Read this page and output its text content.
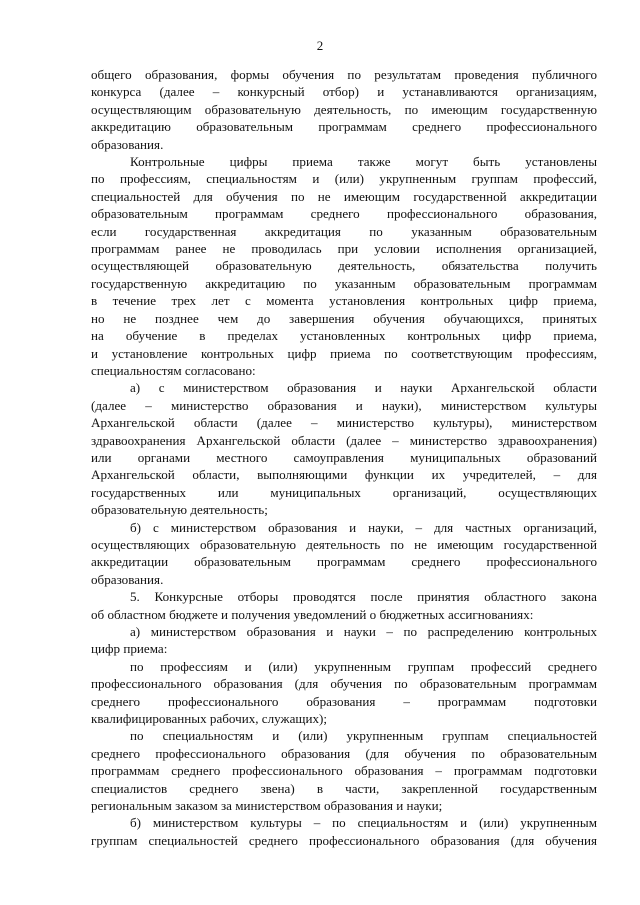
2

общего образования, формы обучения по результатам проведения публичного

конкурса (далее – конкурсный отбор) и устанавливаются организациям,

осуществляющим образовательную деятельность, по имеющим государственную

аккредитацию образовательным программам среднего профессионального

образования.

Контрольные цифры приема также могут быть установлены

по профессиям, специальностям и (или) укрупненным группам профессий,

специальностей для обучения по не имеющим государственной аккредитации

образовательным программам среднего профессионального образования,

если государственная аккредитация по указанным образовательным

программам ранее не проводилась при условии исполнения организацией,

осуществляющей образовательную деятельность, обязательства получить

государственную аккредитацию по указанным образовательным программам

в течение трех лет с момента установления контрольных цифр приема,

но не позднее чем до завершения обучения обучающихся, принятых

на обучение в пределах установленных контрольных цифр приема,

и установление контрольных цифр приема по соответствующим профессиям,

специальностям согласовано:

а) с министерством образования и науки Архангельской области

(далее – министерство образования и науки), министерством культуры

Архангельской области (далее – министерство культуры), министерством

здравоохранения Архангельской области (далее – министерство здравоохранения)

или органами местного самоуправления муниципальных образований

Архангельской области, выполняющими функции их учредителей, – для

государственных или муниципальных организаций, осуществляющих

образовательную деятельность;

б) с министерством образования и науки, – для частных организаций,

осуществляющих образовательную деятельность по не имеющим государственной

аккредитации образовательным программам среднего профессионального

образования.

5. Конкурсные отборы проводятся после принятия областного закона

об областном бюджете и получения уведомлений о бюджетных ассигнованиях:

а) министерством образования и науки – по распределению контрольных

цифр приема:

по профессиям и (или) укрупненным группам профессий среднего

профессионального образования (для обучения по образовательным программам

среднего профессионального образования – программам подготовки

квалифицированных рабочих, служащих);

по специальностям и (или) укрупненным группам специальностей

среднего профессионального образования (для обучения по образовательным

программам среднего профессионального образования – программам подготовки

специалистов среднего звена) в части, закрепленной государственным

региональным заказом за министерством образования и науки;

б) министерством культуры – по специальностям и (или) укрупненным

группам специальностей среднего профессионального образования (для обучения
